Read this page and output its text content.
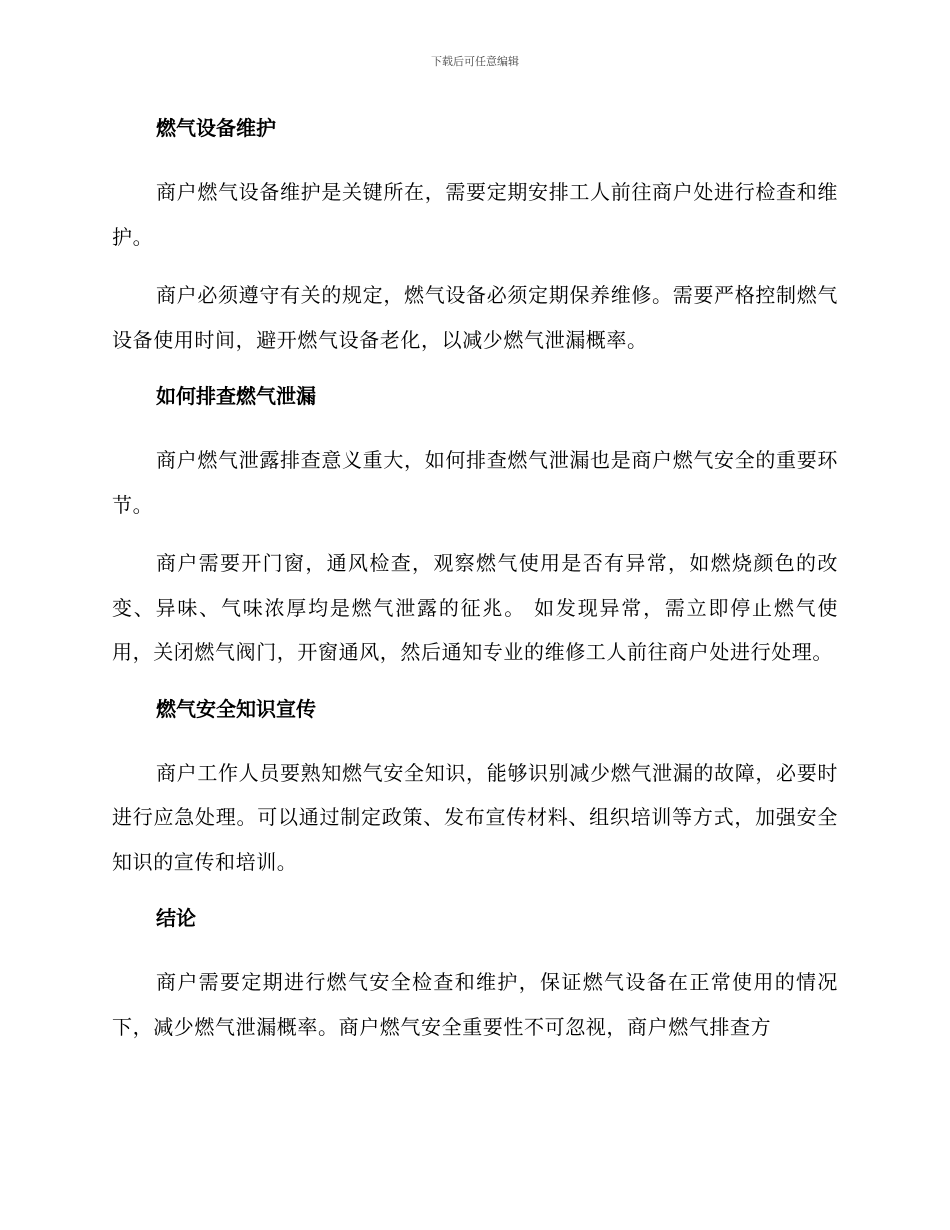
下载后可任意编辑
燃气设备维护

商户燃气设备维护是关键所在，需要定期安排工人前往商户处进行检查和维护。

商户必须遵守有关的规定，燃气设备必须定期保养维修。需要严格控制燃气设备使用时间，避开燃气设备老化，以减少燃气泄漏概率。

如何排查燃气泄漏

商户燃气泄露排查意义重大，如何排查燃气泄漏也是商户燃气安全的重要环节。

商户需要开门窗，通风检查，观察燃气使用是否有异常，如燃烧颜色的改变、异味、气味浓厚均是燃气泄露的征兆。 如发现异常，需立即停止燃气使用，关闭燃气阀门，开窗通风，然后通知专业的维修工人前往商户处进行处理。

燃气安全知识宣传

商户工作人员要熟知燃气安全知识，能够识别减少燃气泄漏的故障，必要时进行应急处理。可以通过制定政策、发布宣传材料、组织培训等方式，加强安全知识的宣传和培训。

结论

商户需要定期进行燃气安全检查和维护，保证燃气设备在正常使用的情况下，减少燃气泄漏概率。商户燃气安全重要性不可忽视，商户燃气排查方
